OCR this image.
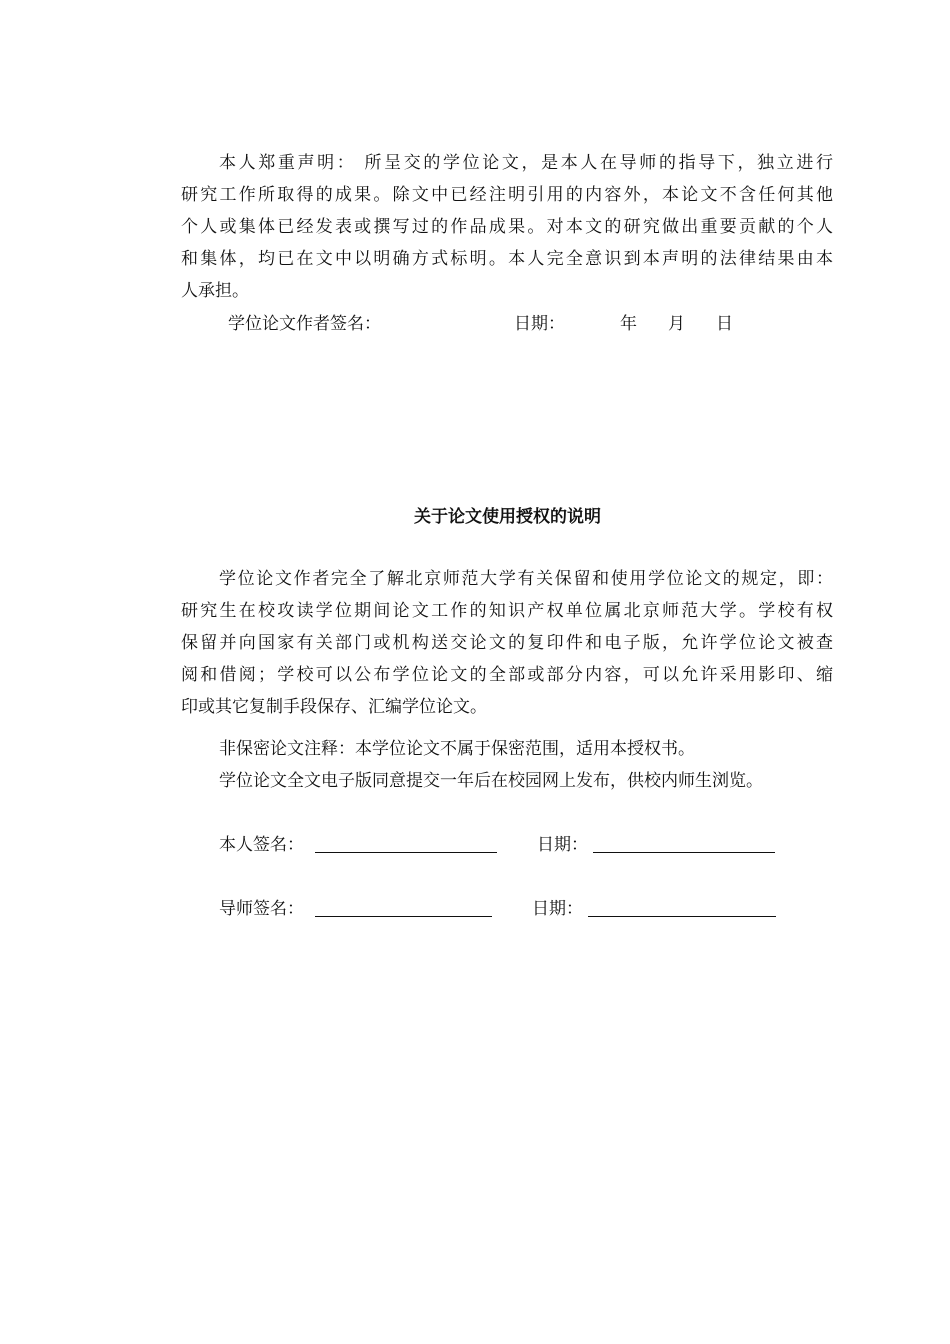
本人郑重声明： 所呈交的学位论文，是本人在导师的指导下，独立进行
研究工作所取得的成果。除文中已经注明引用的内容外，本论文不含任何其他
个人或集体已经发表或撰写过的作品成果。对本文的研究做出重要贡献的个人
和集体，均已在文中以明确方式标明。本人完全意识到本声明的法律结果由本
人承担。
学位论文作者签名：	日期：	年 月 日
关于论文使用授权的说明
学位论文作者完全了解北京师范大学有关保留和使用学位论文的规定，即：
研究生在校攻读学位期间论文工作的知识产权单位属北京师范大学。学校有权
保留并向国家有关部门或机构送交论文的复印件和电子版，允许学位论文被查
阅和借阅；学校可以公布学位论文的全部或部分内容，可以允许采用影印、缩
印或其它复制手段保存、汇编学位论文。
非保密论文注释：本学位论文不属于保密范围，适用本授权书。
学位论文全文电子版同意提交一年后在校园网上发布，供校内师生浏览。
本人签名：	日期：
导师签名：	日期：
